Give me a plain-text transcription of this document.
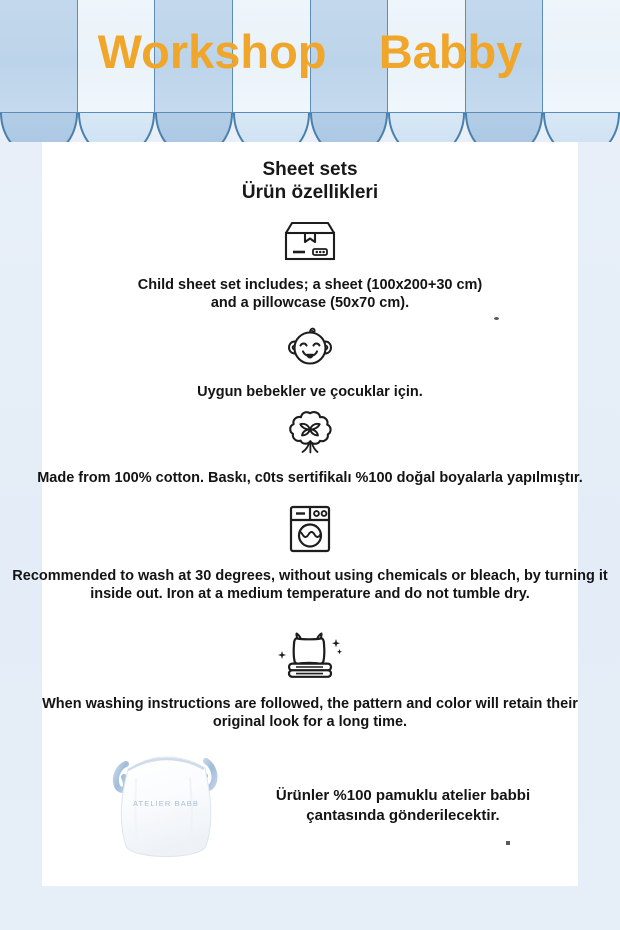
Workshop    Babby
Sheet sets
Ürün özellikleri
Child sheet set includes; a sheet (100x200+30 cm) and a pillowcase (50x70 cm).
Uygun bebekler ve çocuklar için.
Made from 100% cotton. Baskı, c0ts sertifikalı %100 doğal boyalarla yapılmıştır.
Recommended to wash at 30 degrees, without using chemicals or bleach, by turning it inside out. Iron at a medium temperature and do not tumble dry.
When washing instructions are followed, the pattern and color will retain their original look for a long time.
ATELIER BABB	Ürünler %100 pamuklu atelier babbi çantasında gönderilecektir.
